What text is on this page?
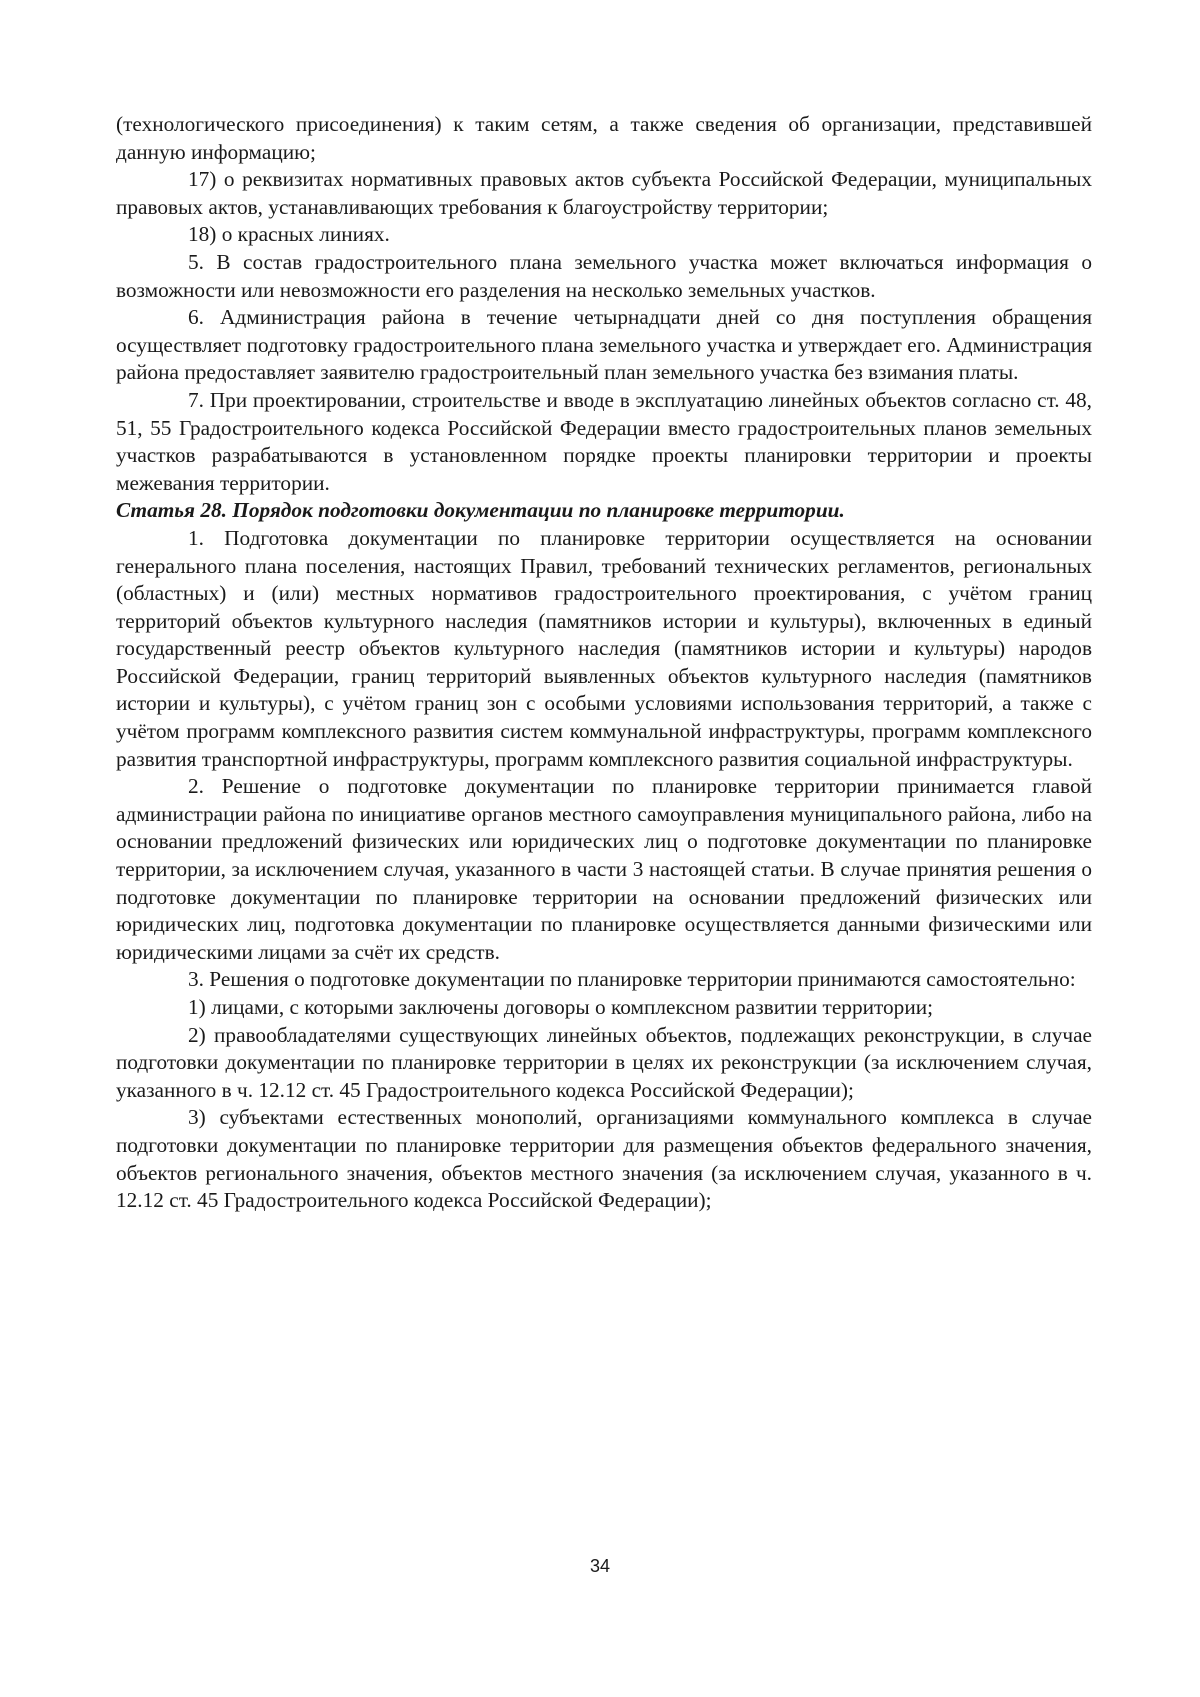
(технологического присоединения) к таким сетям, а также сведения об организации, представившей данную информацию;

17) о реквизитах нормативных правовых актов субъекта Российской Федерации, муниципальных правовых актов, устанавливающих требования к благоустройству территории;

18) о красных линиях.

5. В состав градостроительного плана земельного участка может включаться информация о возможности или невозможности его разделения на несколько земельных участков.

6. Администрация района в течение четырнадцати дней со дня поступления обращения осуществляет подготовку градостроительного плана земельного участка и утверждает его. Администрация района предоставляет заявителю градостроительный план земельного участка без взимания платы.

7. При проектировании, строительстве и вводе в эксплуатацию линейных объектов согласно ст. 48, 51, 55 Градостроительного кодекса Российской Федерации вместо градостроительных планов земельных участков разрабатываются в установленном порядке проекты планировки территории и проекты межевания территории.

Статья 28. Порядок подготовки документации по планировке территории.

1. Подготовка документации по планировке территории осуществляется на основании генерального плана поселения, настоящих Правил, требований технических регламентов, региональных (областных) и (или) местных нормативов градостроительного проектирования, с учётом границ территорий объектов культурного наследия (памятников истории и культуры), включенных в единый государственный реестр объектов культурного наследия (памятников истории и культуры) народов Российской Федерации, границ территорий выявленных объектов культурного наследия (памятников истории и культуры), с учётом границ зон с особыми условиями использования территорий, а также с учётом программ комплексного развития систем коммунальной инфраструктуры, программ комплексного развития транспортной инфраструктуры, программ комплексного развития социальной инфраструктуры.

2. Решение о подготовке документации по планировке территории принимается главой администрации района по инициативе органов местного самоуправления муниципального района, либо на основании предложений физических или юридических лиц о подготовке документации по планировке территории, за исключением случая, указанного в части 3 настоящей статьи. В случае принятия решения о подготовке документации по планировке территории на основании предложений физических или юридических лиц, подготовка документации по планировке осуществляется данными физическими или юридическими лицами за счёт их средств.

3. Решения о подготовке документации по планировке территории принимаются самостоятельно:

1) лицами, с которыми заключены договоры о комплексном развитии территории;

2) правообладателями существующих линейных объектов, подлежащих реконструкции, в случае подготовки документации по планировке территории в целях их реконструкции (за исключением случая, указанного в ч. 12.12 ст. 45 Градостроительного кодекса Российской Федерации);

3) субъектами естественных монополий, организациями коммунального комплекса в случае подготовки документации по планировке территории для размещения объектов федерального значения, объектов регионального значения, объектов местного значения (за исключением случая, указанного в ч. 12.12 ст. 45 Градостроительного кодекса Российской Федерации);

34
